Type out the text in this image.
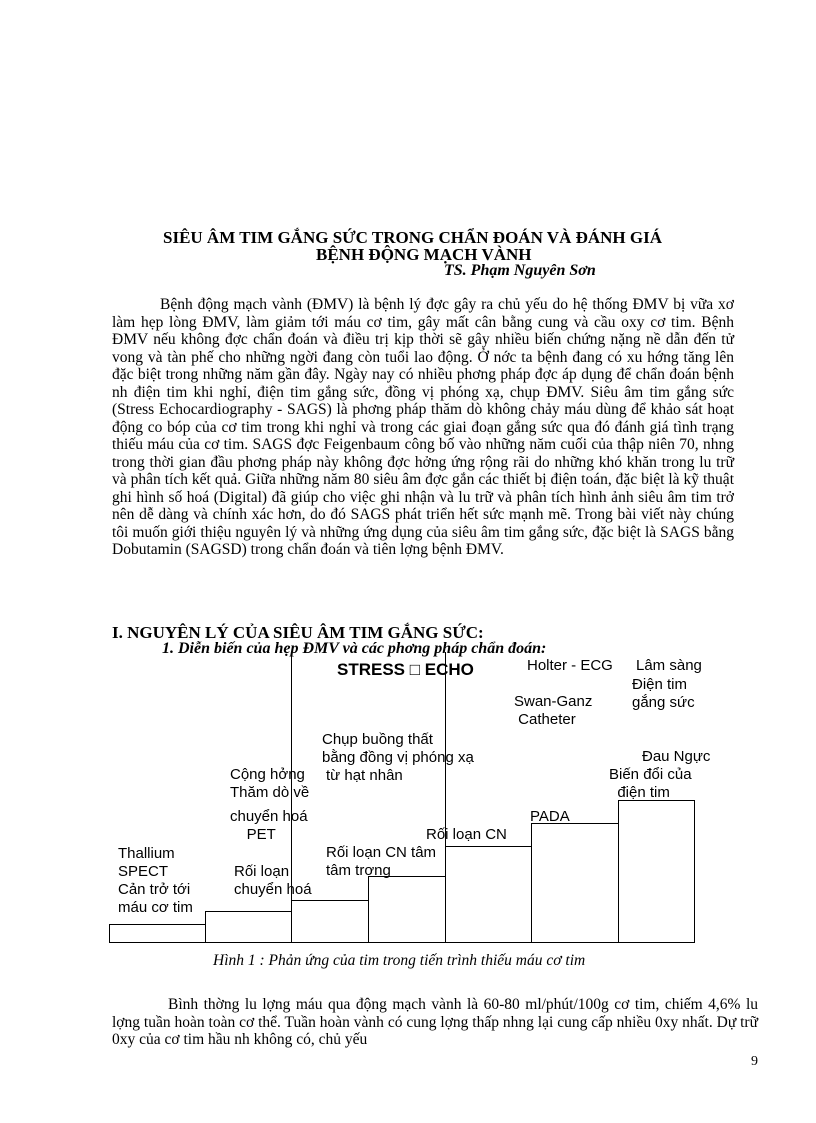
SIÊU ÂM TIM GẮNG SỨC TRONG CHẨN ĐOÁN VÀ ĐÁNH GIÁ
BỆNH ĐỘNG MẠCH VÀNH
TS. Phạm Nguyên Sơn

Bệnh động mạch vành (ĐMV) là bệnh lý đợc gây ra chủ yếu do hệ thống ĐMV bị vữa xơ làm hẹp lòng ĐMV, làm giảm tới máu cơ tim, gây mất cân bằng cung và cầu oxy cơ tim. Bệnh ĐMV nếu không đợc chẩn đoán và điều trị kịp thời sẽ gây nhiều biến chứng nặng nề dẫn đến tử vong và tàn phế cho những ngời đang còn tuổi lao động. Ở nớc ta bệnh đang có xu hớng tăng lên đặc biệt trong những năm gần đây. Ngày nay có nhiều phơng pháp đợc áp dụng để chẩn đoán bệnh nh điện tim khi nghỉ, điện tim gắng sức, đồng vị phóng xạ, chụp ĐMV. Siêu âm tim gắng sức (Stress Echocardiography - SAGS) là phơng pháp thăm dò không chảy máu dùng để khảo sát hoạt động co bóp của cơ tim trong khi nghỉ và trong các giai đoạn gắng sức qua đó đánh giá tình trạng thiếu máu của cơ tim. SAGS đợc Feigenbaum công bố vào những năm cuối của thập niên 70, nhng trong thời gian đầu phơng pháp này không đợc hởng ứng rộng rãi do những khó khăn trong lu trữ và phân tích kết quả. Giữa những năm 80 siêu âm đợc gắn các thiết bị điện toán, đặc biệt là kỹ thuật ghi hình số hoá (Digital) đã giúp cho việc ghi nhận và lu trữ và phân tích hình ảnh siêu âm tim trở nên dễ dàng và chính xác hơn, do đó SAGS phát triển hết sức mạnh mẽ. Trong bài viết này chúng tôi muốn giới thiệu nguyên lý và những ứng dụng của siêu âm tim gắng sức, đặc biệt là SAGS bằng Dobutamin (SAGSD) trong chẩn đoán và tiên lợng bệnh ĐMV.

I. NGUYÊN LÝ CỦA SIÊU ÂM TIM GẮNG SỨC:
1. Diễn biến của hẹp ĐMV và các phơng pháp chẩn đoán:
STRESS □ ECHO	Holter - ECG Lâm sàng
Điện tim
gắng sức
Swan-Ganz
Catheter
Chụp buồng thất
bằng đồng vị phóng xạ
Cộng hởng
Thăm dò về
từ hạt nhân
Đau Ngực
Biến đổi của
điện tim
chuyển hoá
PET
PADA
Rối loạn CN
Rối loạn CN tâm
tâm trơng
Thallium
SPECT
Cản trở tới
máu cơ tim
Rối loạn
chuyển hoá
Hình 1 : Phản ứng của tim trong tiến trình thiếu máu cơ tim

Bình thờng lu lợng máu qua động mạch vành là 60-80 ml/phút/100g cơ tim, chiếm 4,6% lu lợng tuần hoàn toàn cơ thể. Tuần hoàn vành có cung lợng thấp nhng lại cung cấp nhiều 0xy nhất. Dự trữ 0xy của cơ tim hầu nh không có, chủ yếu

9
